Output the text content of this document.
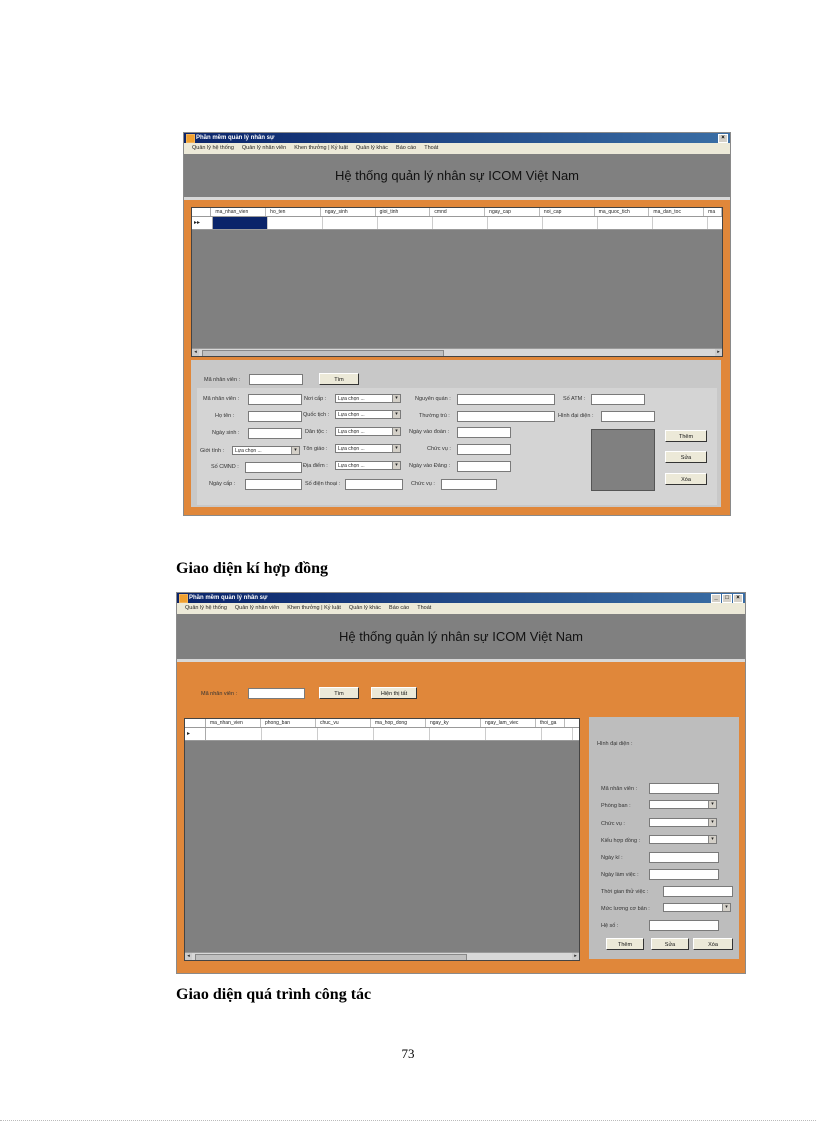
Phần mềm quản lý nhân sự	×
Quản lý hệ thống Quản lý nhân viên Khen thưởng | Kỷ luật Quản lý khác Báo cáo Thoát
Hệ thống quản lý nhân sự ICOM Việt Nam
ma_nhan_vien	ho_ten	ngay_sinh	gioi_tinh	cmnd	ngay_cap	noi_cap	ma_quoc_tich	ma_dan_toc	ma
▸▸
◂	▸
Mã nhân viên :	Tìm
Mã nhân viên :
Họ tên :
Ngày sinh :
Giới tính :	Lựa chọn ...	▾
Số CMND :
Ngày cấp :
Nơi cấp :	Lựa chọn ...	▾
Quốc tịch :	Lựa chọn ...	▾
Dân tộc :	Lựa chọn ...	▾
Tôn giáo :	Lựa chọn ...	▾
Địa điểm :	Lựa chọn ...	▾
Số điện thoại :
Nguyên quán :
Thường trú :
Ngày vào đoàn :
Chức vụ :
Ngày vào Đảng :
Chức vụ :
Số ATM :
Hình đại diện :
Thêm
Sửa
Xóa
Giao diện kí hợp đồng
Phần mềm quản lý nhân sự	_	□	×
Quản lý hệ thống Quản lý nhân viên Khen thưởng | Kỷ luật Quản lý khác Báo cáo Thoát
Hệ thống quản lý nhân sự ICOM Việt Nam
Mã nhân viên :	Tìm	Hiện thị tất
ma_nhan_vien	phong_ban	chuc_vu	ma_hop_dong	ngay_ky	ngay_lam_viec	thoi_ga
▸
◂	▸
Hình đại diện :
Mã nhân viên :
Phòng ban :	▾
Chức vụ :	▾
Kiểu hợp đồng :	▾
Ngày kí :
Ngày làm việc :
Thời gian thử việc :
Mức lương cơ bản :	▾
Hệ số :
Thêm	Sửa	Xóa
Giao diện quá trình công tác
73
